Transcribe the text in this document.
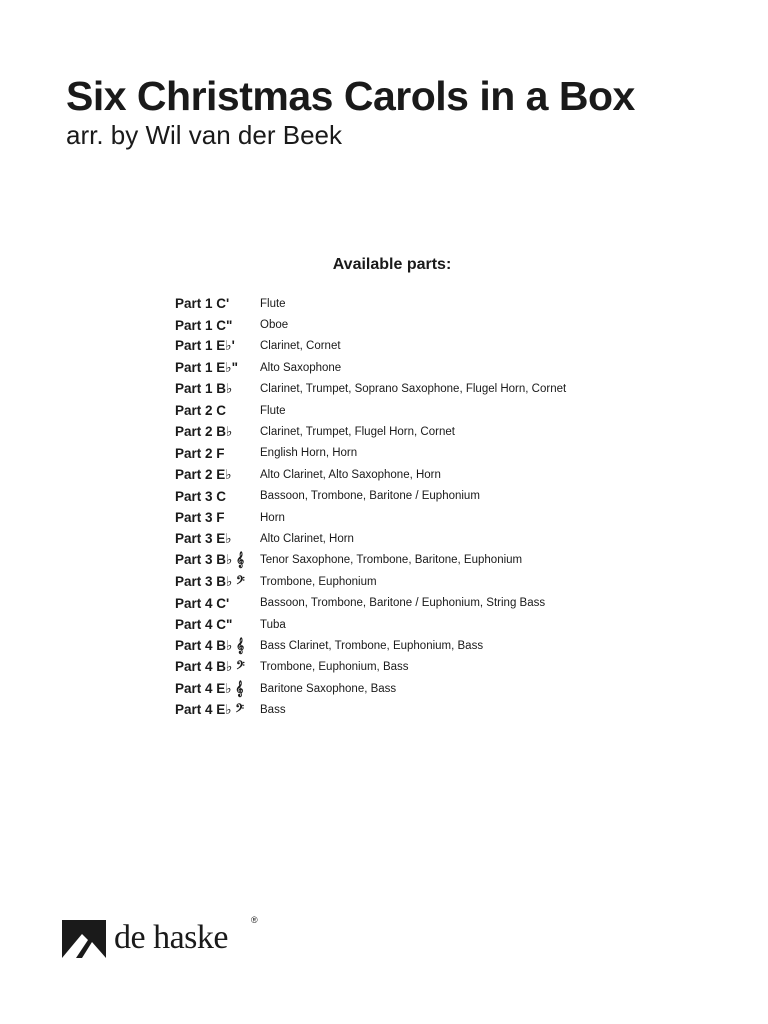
Six Christmas Carols in a Box

arr. by Wil van der Beek

Available parts:
Part 1 C'	Flute
Part 1 C"	Oboe
Part 1 E♭'	Clarinet, Cornet
Part 1 E♭"	Alto Saxophone
Part 1 B♭	Clarinet, Trumpet, Soprano Saxophone, Flugel Horn, Cornet
Part 2 C	Flute
Part 2 B♭	Clarinet, Trumpet, Flugel Horn, Cornet
Part 2 F	English Horn, Horn
Part 2 E♭	Alto Clarinet, Alto Saxophone, Horn
Part 3 C	Bassoon, Trombone, Baritone / Euphonium
Part 3 F	Horn
Part 3 E♭	Alto Clarinet, Horn
Part 3 B♭ 𝄞	Tenor Saxophone, Trombone, Baritone, Euphonium
Part 3 B♭ 𝄢	Trombone, Euphonium
Part 4 C'	Bassoon, Trombone, Baritone / Euphonium, String Bass
Part 4 C"	Tuba
Part 4 B♭ 𝄞	Bass Clarinet, Trombone, Euphonium, Bass
Part 4 B♭ 𝄢	Trombone, Euphonium, Bass
Part 4 E♭ 𝄞	Baritone Saxophone, Bass
Part 4 E♭ 𝄢	Bass
de haske	®
